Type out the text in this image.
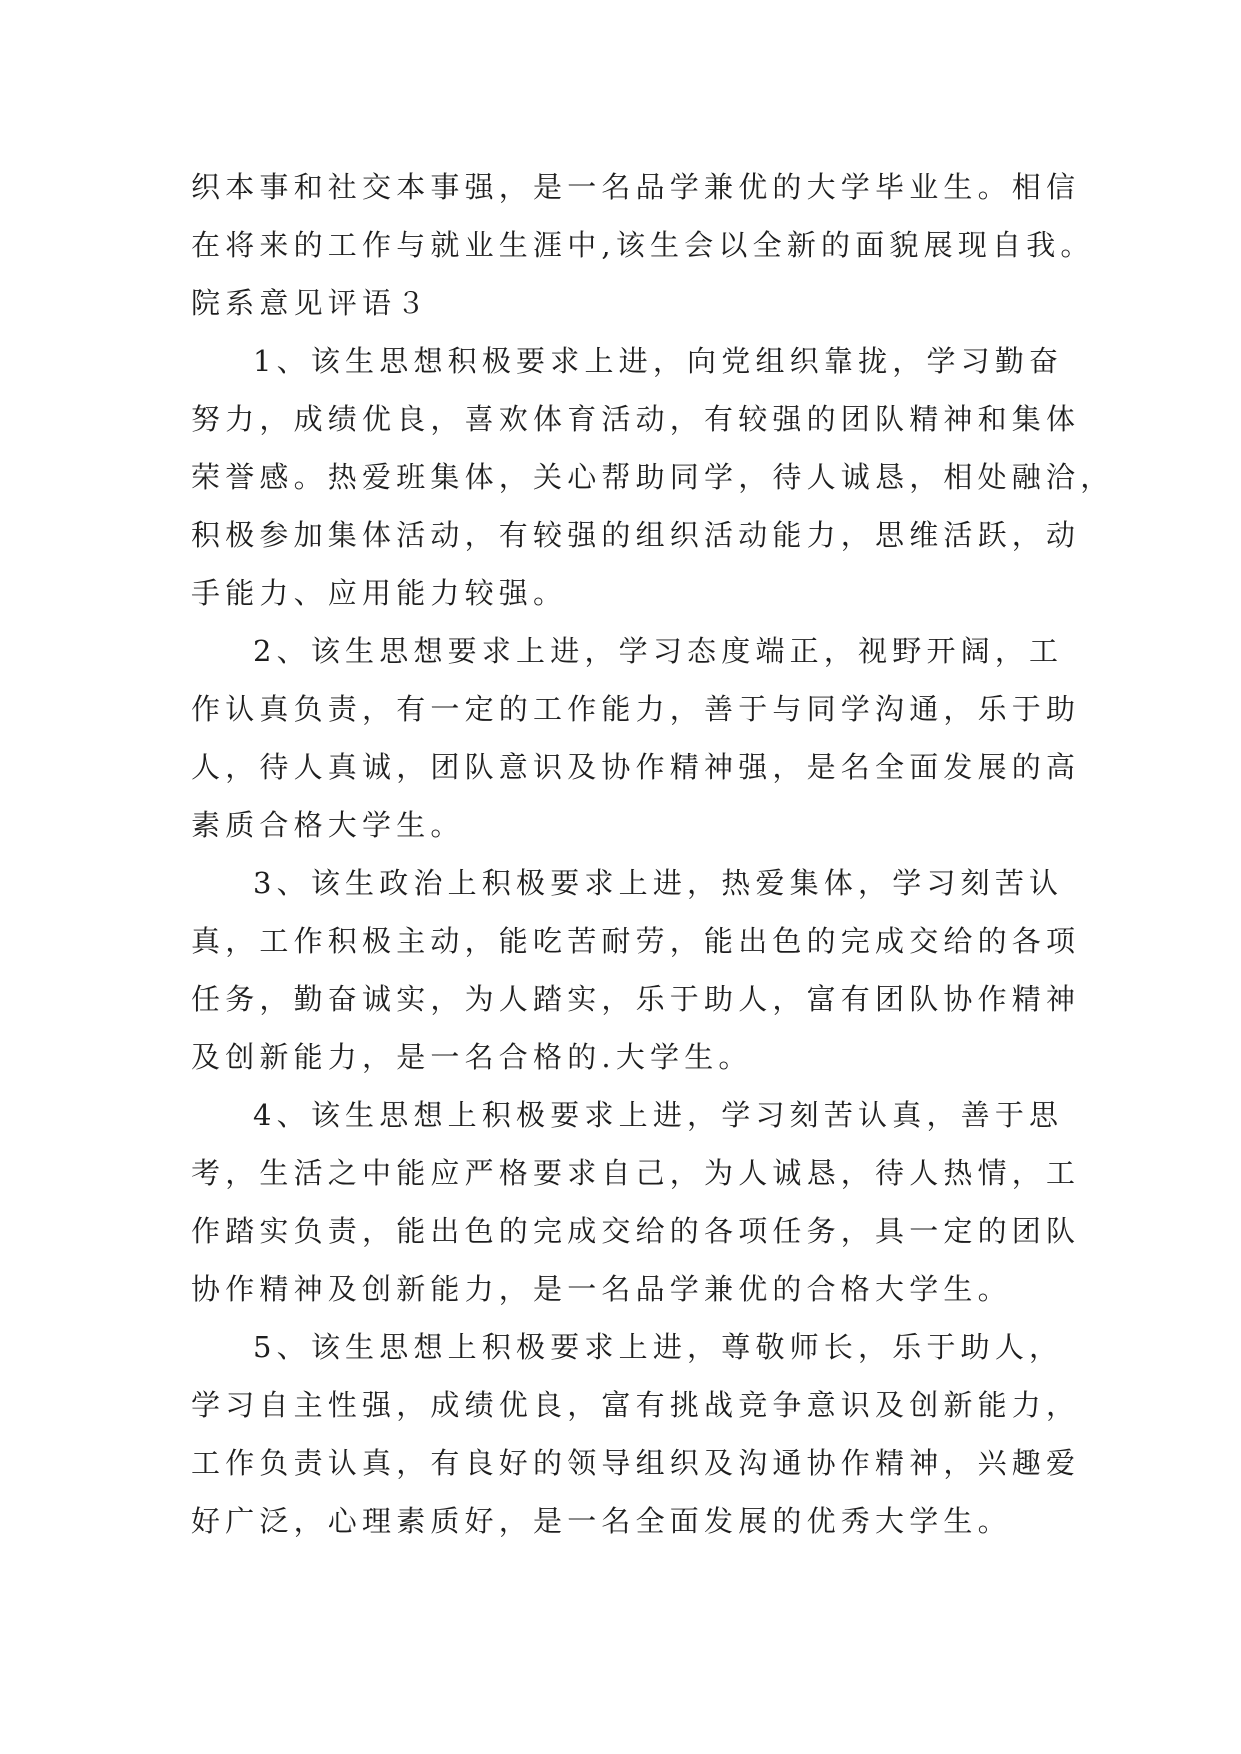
织本事和社交本事强，是一名品学兼优的大学毕业生。相信

在将来的工作与就业生涯中,该生会以全新的面貌展现自我。

院系意见评语３

1、该生思想积极要求上进，向党组织靠拢，学习勤奋

努力，成绩优良，喜欢体育活动，有较强的团队精神和集体

荣誉感。热爱班集体，关心帮助同学，待人诚恳，相处融洽，

积极参加集体活动，有较强的组织活动能力，思维活跃，动

手能力、应用能力较强。

2、该生思想要求上进，学习态度端正，视野开阔，工

作认真负责，有一定的工作能力，善于与同学沟通，乐于助

人，待人真诚，团队意识及协作精神强，是名全面发展的高

素质合格大学生。

3、该生政治上积极要求上进，热爱集体，学习刻苦认

真，工作积极主动，能吃苦耐劳，能出色的完成交给的各项

任务，勤奋诚实，为人踏实，乐于助人，富有团队协作精神

及创新能力，是一名合格的.大学生。

4、该生思想上积极要求上进，学习刻苦认真，善于思

考，生活之中能应严格要求自己，为人诚恳，待人热情，工

作踏实负责，能出色的完成交给的各项任务，具一定的团队

协作精神及创新能力，是一名品学兼优的合格大学生。

5、该生思想上积极要求上进，尊敬师长，乐于助人，

学习自主性强，成绩优良，富有挑战竞争意识及创新能力，

工作负责认真，有良好的领导组织及沟通协作精神，兴趣爱

好广泛，心理素质好，是一名全面发展的优秀大学生。
